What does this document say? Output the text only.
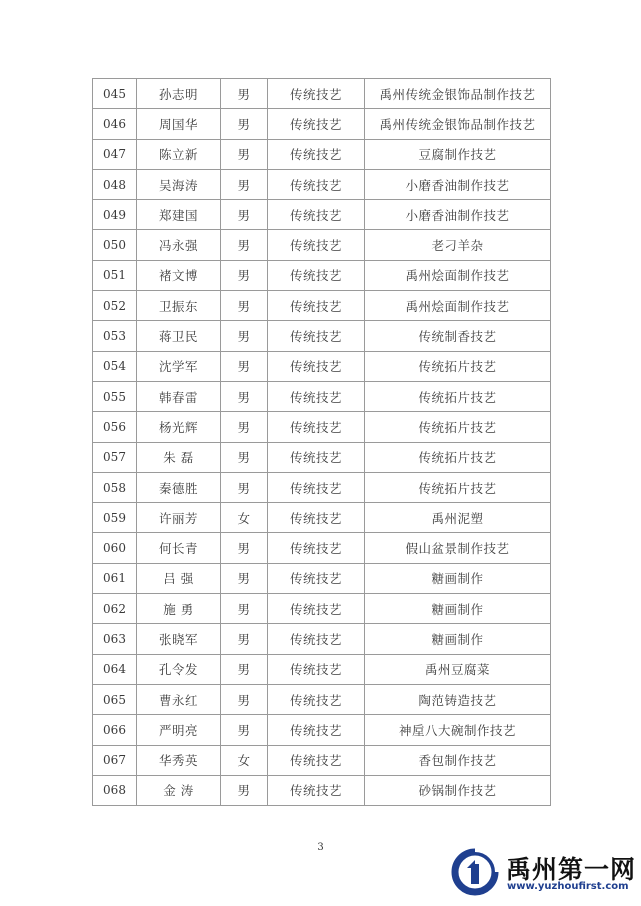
045	孙志明	男	传统技艺	禹州传统金银饰品制作技艺
046	周国华	男	传统技艺	禹州传统金银饰品制作技艺
047	陈立新	男	传统技艺	豆腐制作技艺
048	吴海涛	男	传统技艺	小磨香油制作技艺
049	郑建国	男	传统技艺	小磨香油制作技艺
050	冯永强	男	传统技艺	老刁羊杂
051	褚文博	男	传统技艺	禹州烩面制作技艺
052	卫振东	男	传统技艺	禹州烩面制作技艺
053	蒋卫民	男	传统技艺	传统制香技艺
054	沈学军	男	传统技艺	传统拓片技艺
055	韩春雷	男	传统技艺	传统拓片技艺
056	杨光辉	男	传统技艺	传统拓片技艺
057	朱 磊	男	传统技艺	传统拓片技艺
058	秦德胜	男	传统技艺	传统拓片技艺
059	许丽芳	女	传统技艺	禹州泥塑
060	何长青	男	传统技艺	假山盆景制作技艺
061	吕 强	男	传统技艺	糖画制作
062	施 勇	男	传统技艺	糖画制作
063	张晓军	男	传统技艺	糖画制作
064	孔令发	男	传统技艺	禹州豆腐菜
065	曹永红	男	传统技艺	陶范铸造技艺
066	严明亮	男	传统技艺	神垕八大碗制作技艺
067	华秀英	女	传统技艺	香包制作技艺
068	金 涛	男	传统技艺	砂锅制作技艺
3
禹州第一网
www.yuzhoufirst.com
